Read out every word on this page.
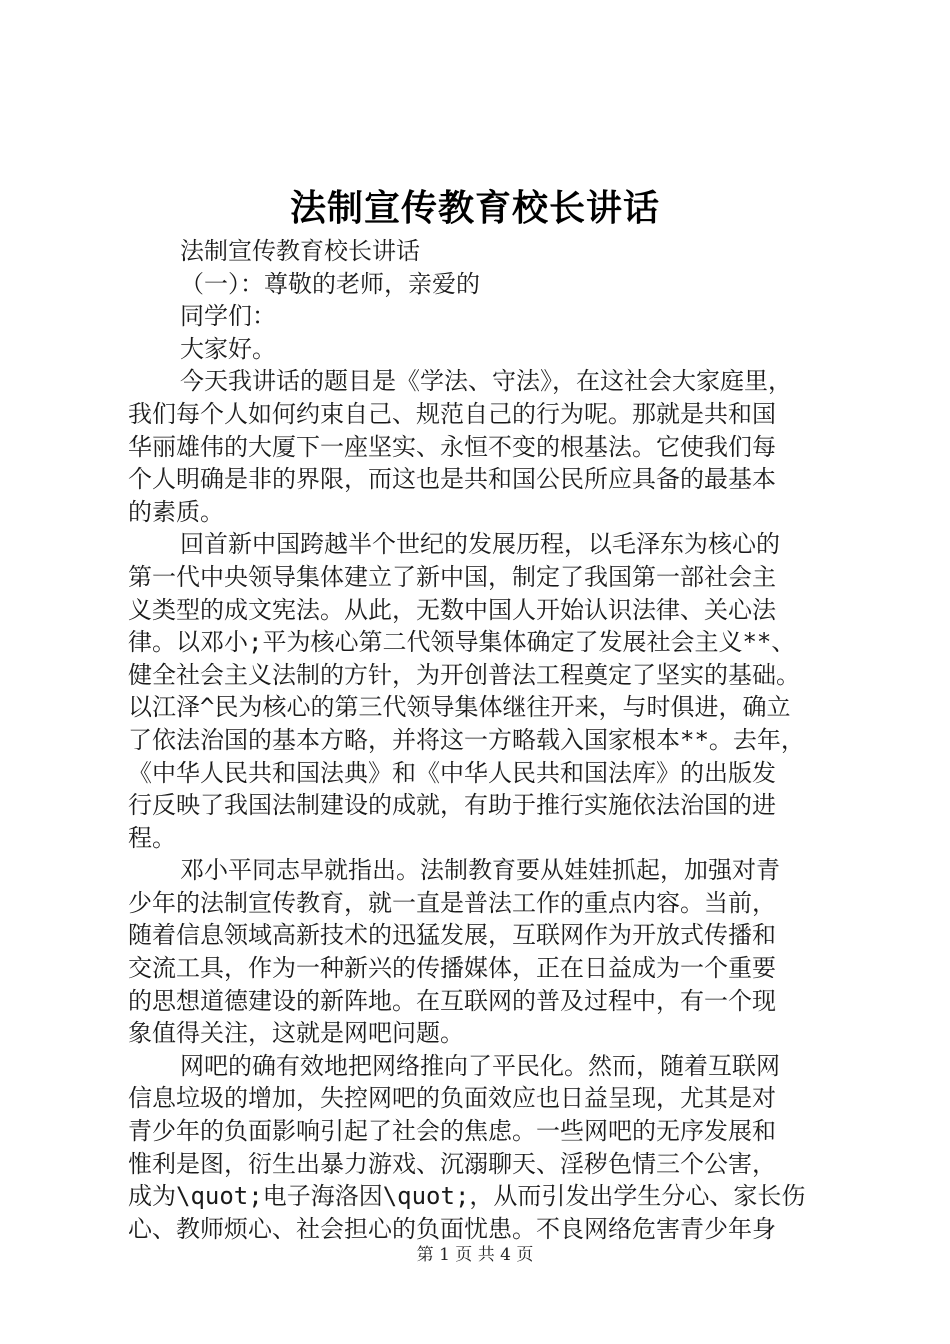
法制宣传教育校长讲话
法制宣传教育校长讲话
（一）：尊敬的老师，亲爱的
同学们：
大家好。
今天我讲话的题目是《学法、守法》，在这社会大家庭里，
我们每个人如何约束自己、规范自己的行为呢。那就是共和国
华丽雄伟的大厦下一座坚实、永恒不变的根基法。它使我们每
个人明确是非的界限，而这也是共和国公民所应具备的最基本
的素质。
回首新中国跨越半个世纪的发展历程，以毛泽东为核心的
第一代中央领导集体建立了新中国，制定了我国第一部社会主
义类型的成文宪法。从此，无数中国人开始认识法律、关心法
律。以邓小;平为核心第二代领导集体确定了发展社会主义**、
健全社会主义法制的方针，为开创普法工程奠定了坚实的基础。
以江泽^民为核心的第三代领导集体继往开来，与时俱进，确立
了依法治国的基本方略，并将这一方略载入国家根本**。去年，
《中华人民共和国法典》和《中华人民共和国法库》的出版发
行反映了我国法制建设的成就，有助于推行实施依法治国的进
程。
邓小平同志早就指出。法制教育要从娃娃抓起，加强对青
少年的法制宣传教育，就一直是普法工作的重点内容。当前，
随着信息领域高新技术的迅猛发展，互联网作为开放式传播和
交流工具，作为一种新兴的传播媒体，正在日益成为一个重要
的思想道德建设的新阵地。在互联网的普及过程中，有一个现
象值得关注，这就是网吧问题。
网吧的确有效地把网络推向了平民化。然而，随着互联网
信息垃圾的增加，失控网吧的负面效应也日益呈现，尤其是对
青少年的负面影响引起了社会的焦虑。一些网吧的无序发展和
惟利是图，衍生出暴力游戏、沉溺聊天、淫秽色情三个公害，
成为\quot;电子海洛因\quot;，从而引发出学生分心、家长伤
心、教师烦心、社会担心的负面忧患。不良网络危害青少年身
第 1 页 共 4 页
